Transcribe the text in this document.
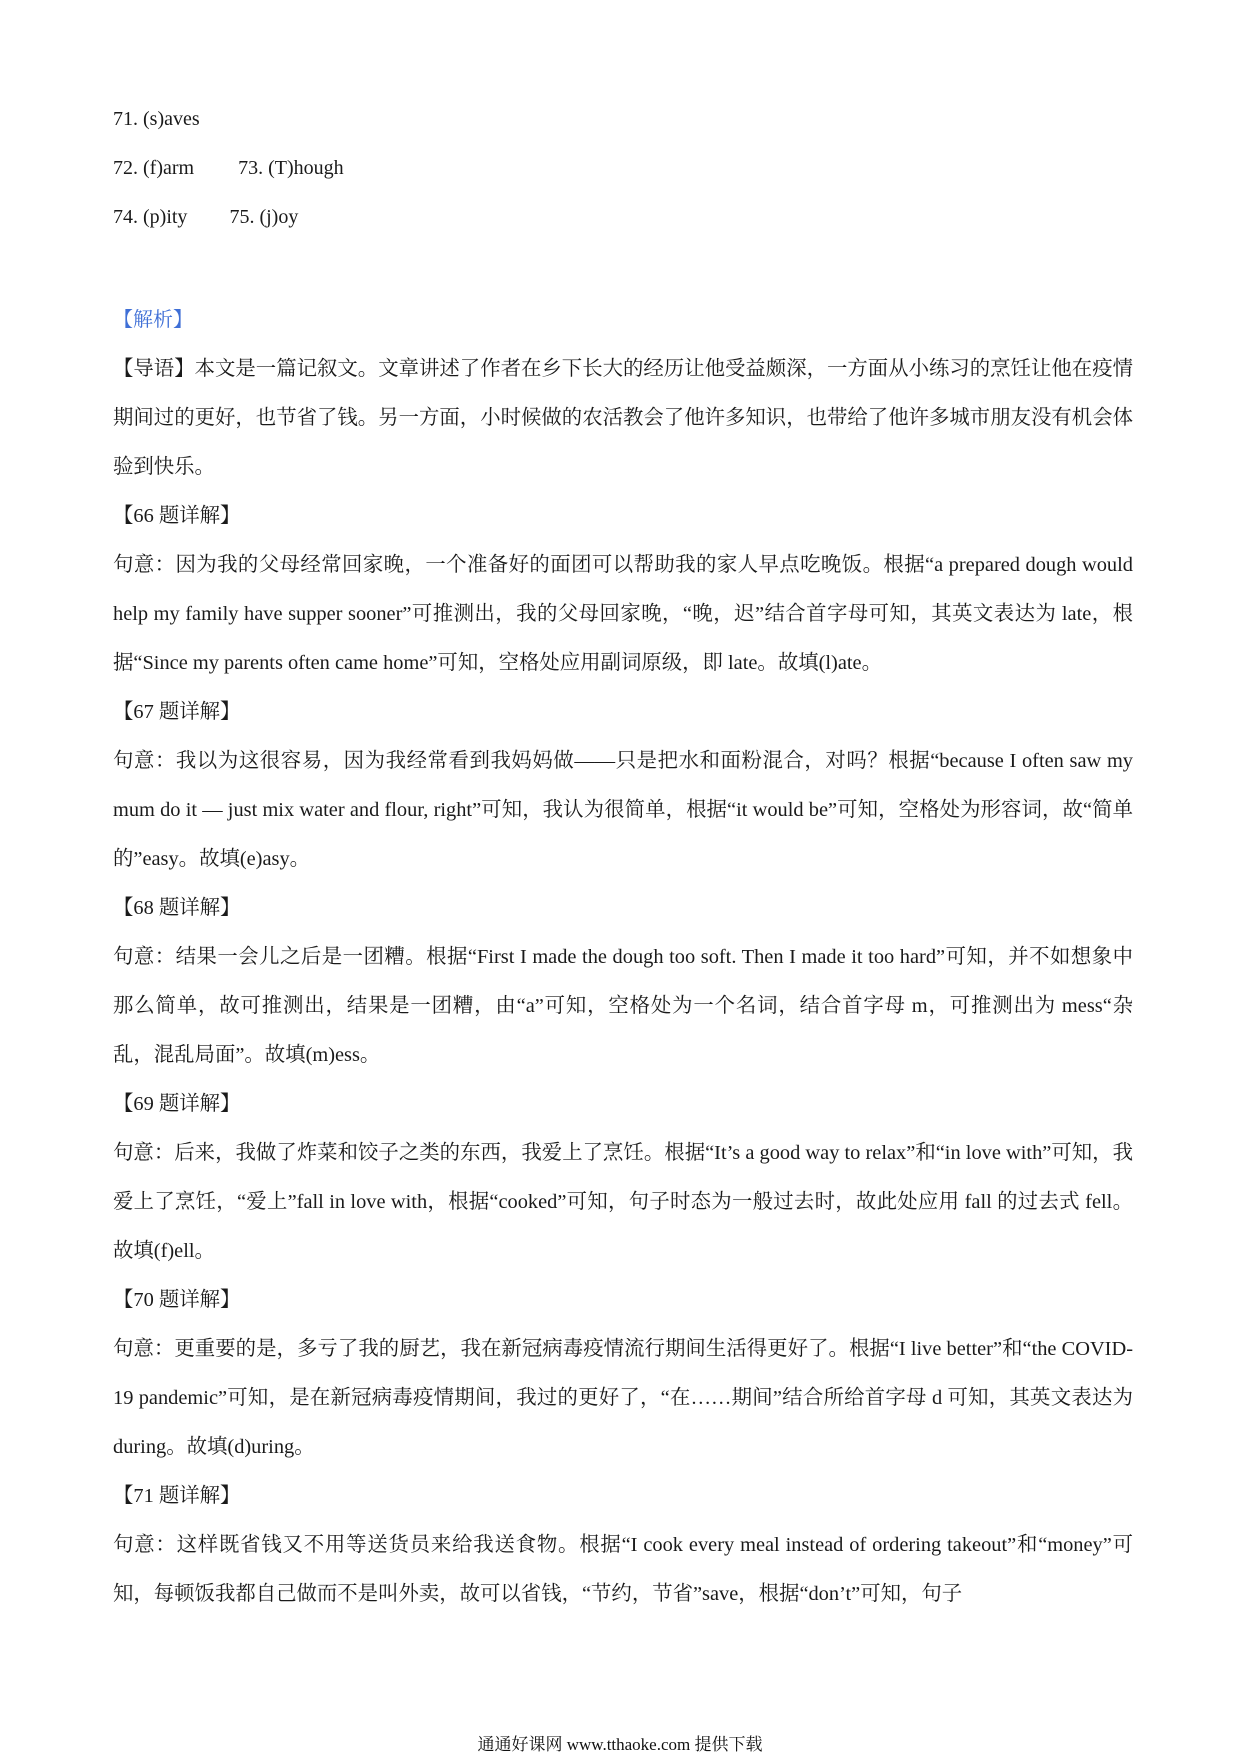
71. (s)aves
72. (f)arm 73. (T)hough
74. (p)ity 75. (j)oy
【解析】

【导语】本文是一篇记叙文。文章讲述了作者在乡下长大的经历让他受益颇深，一方面从小练习的烹饪让他在疫情期间过的更好，也节省了钱。另一方面，小时候做的农活教会了他许多知识，也带给了他许多城市朋友没有机会体验到快乐。

【66 题详解】

句意：因为我的父母经常回家晚，一个准备好的面团可以帮助我的家人早点吃晚饭。根据“a prepared dough would help my family have supper sooner”可推测出，我的父母回家晚，“晚，迟”结合首字母可知，其英文表达为 late，根据“Since my parents often came home”可知，空格处应用副词原级，即 late。故填(l)ate。

【67 题详解】

句意：我以为这很容易，因为我经常看到我妈妈做——只是把水和面粉混合，对吗？根据“because I often saw my mum do it — just mix water and flour, right”可知，我认为很简单，根据“it would be”可知，空格处为形容词，故“简单的”easy。故填(e)asy。

【68 题详解】

句意：结果一会儿之后是一团糟。根据“First I made the dough too soft. Then I made it too hard”可知，并不如想象中那么简单，故可推测出，结果是一团糟，由“a”可知，空格处为一个名词，结合首字母 m，可推测出为 mess“杂乱，混乱局面”。故填(m)ess。

【69 题详解】

句意：后来，我做了炸菜和饺子之类的东西，我爱上了烹饪。根据“It’s a good way to relax”和“in love with”可知，我爱上了烹饪，“爱上”fall in love with，根据“cooked”可知，句子时态为一般过去时，故此处应用 fall 的过去式 fell。故填(f)ell。

【70 题详解】

句意：更重要的是，多亏了我的厨艺，我在新冠病毒疫情流行期间生活得更好了。根据“I live better”和“the COVID-19 pandemic”可知，是在新冠病毒疫情期间，我过的更好了，“在……期间”结合所给首字母 d 可知，其英文表达为 during。故填(d)uring。

【71 题详解】

句意：这样既省钱又不用等送货员来给我送食物。根据“I cook every meal instead of ordering takeout”和“money”可知，每顿饭我都自己做而不是叫外卖，故可以省钱，“节约，节省”save，根据“don’t”可知，句子

通通好课网 www.tthaoke.com 提供下载
